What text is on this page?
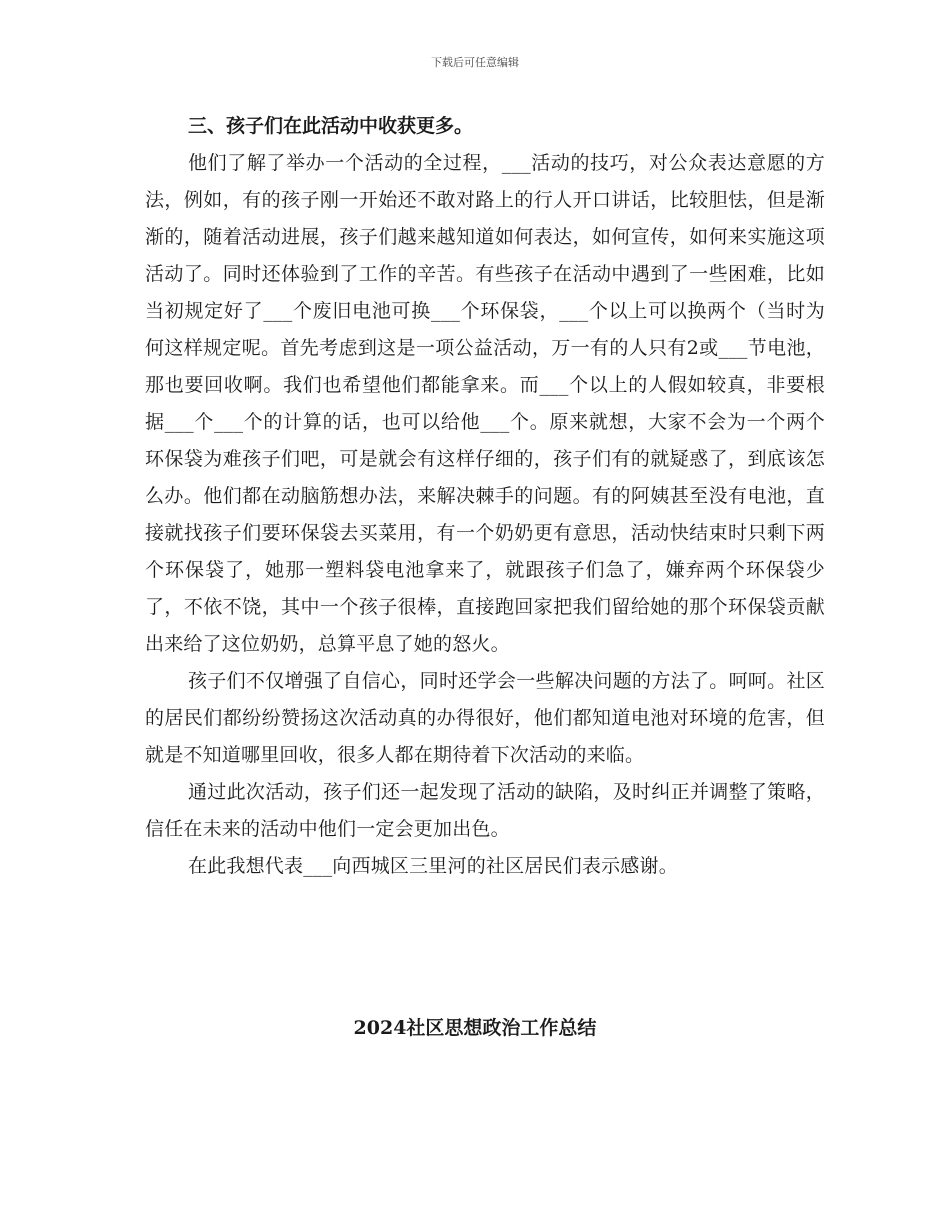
下载后可任意编辑

三、孩子们在此活动中收获更多。

他们了解了举办一个活动的全过程，___活动的技巧，对公众表达意愿的方法，例如，有的孩子刚一开始还不敢对路上的行人开口讲话，比较胆怯，但是渐渐的，随着活动进展，孩子们越来越知道如何表达，如何宣传，如何来实施这项活动了。同时还体验到了工作的辛苦。有些孩子在活动中遇到了一些困难，比如当初规定好了___个废旧电池可换___个环保袋，___个以上可以换两个（当时为何这样规定呢。首先考虑到这是一项公益活动，万一有的人只有2或___节电池，那也要回收啊。我们也希望他们都能拿来。而___个以上的人假如较真，非要根据___个___个的计算的话，也可以给他___个。原来就想，大家不会为一个两个环保袋为难孩子们吧，可是就会有这样仔细的，孩子们有的就疑惑了，到底该怎么办。他们都在动脑筋想办法，来解决棘手的问题。有的阿姨甚至没有电池，直接就找孩子们要环保袋去买菜用，有一个奶奶更有意思，活动快结束时只剩下两个环保袋了，她那一塑料袋电池拿来了，就跟孩子们急了，嫌弃两个环保袋少了，不依不饶，其中一个孩子很棒，直接跑回家把我们留给她的那个环保袋贡献出来给了这位奶奶，总算平息了她的怒火。

孩子们不仅增强了自信心，同时还学会一些解决问题的方法了。呵呵。社区的居民们都纷纷赞扬这次活动真的办得很好，他们都知道电池对环境的危害，但就是不知道哪里回收，很多人都在期待着下次活动的来临。

通过此次活动，孩子们还一起发现了活动的缺陷，及时纠正并调整了策略，信任在未来的活动中他们一定会更加出色。

在此我想代表___向西城区三里河的社区居民们表示感谢。

2024社区思想政治工作总结
